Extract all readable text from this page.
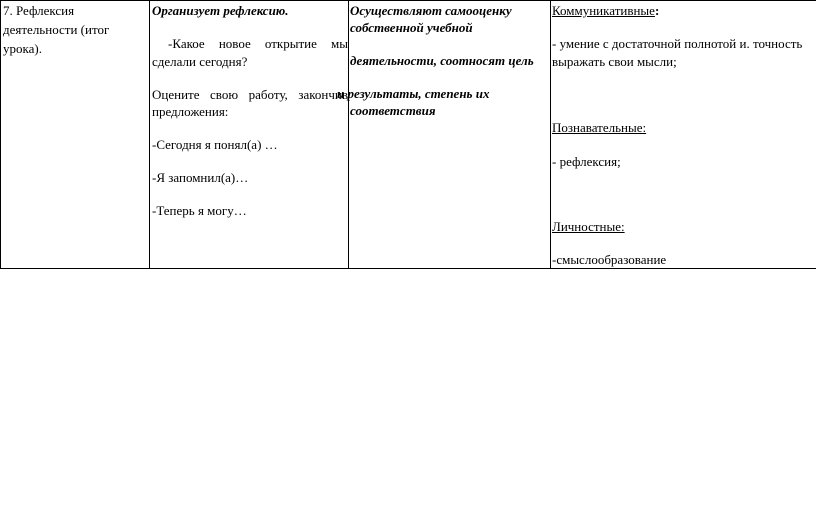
7. Рефлексия
деятельности (итог
урока).
Организует рефлексию.
-Какое новое открытие мы
сделали сегодня?
Оцените свою работу, закончив
предложения:
-Сегодня я понял(а) …
-Я запомнил(а)…
-Теперь я могу…
Осуществляют самооценку
собственной учебной
деятельности, соотносят цель
и результаты, степень их
соответствия
Коммуникативные:
- умение с достаточной полнотой и. точность
выражать свои мысли;
Познавательные:
- рефлексия;
Личностные:
-смыслообразование
